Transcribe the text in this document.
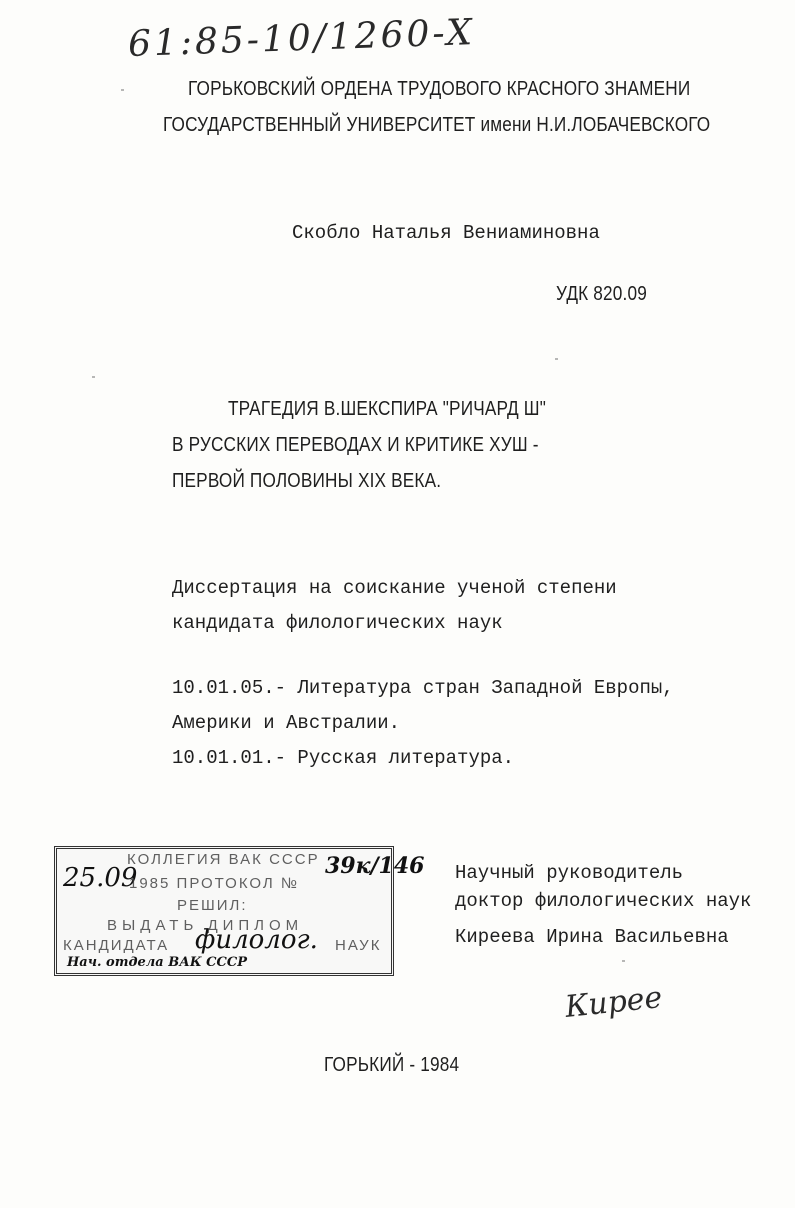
61:85-10/1260-X
ГОРЬКОВСКИЙ ОРДЕНА ТРУДОВОГО КРАСНОГО ЗНАМЕНИ
ГОСУДАРСТВЕННЫЙ УНИВЕРСИТЕТ имени Н.И.ЛОБАЧЕВСКОГО
Скобло Наталья Вениаминовна
УДК 820.09
ТРАГЕДИЯ В.ШЕКСПИРА "РИЧАРД Ш"
В РУССКИХ ПЕРЕВОДАХ И КРИТИКЕ ХУШ -
ПЕРВОЙ ПОЛОВИНЫ XIX ВЕКА.
Диссертация на соискание ученой степени
кандидата филологических наук
10.01.05.- Литература стран Западной Европы,
Америки и Австралии.
10.01.01.- Русская литература.
КОЛЛЕГИЯ ВАК СССР
25.09
1985 ПРОТОКОЛ №
39к/146
РЕШИЛ:
ВЫДАТЬ ДИПЛОМ
КАНДИДАТА филолог. НАУК
Нач. отдела ВАК СССР
Научный руководитель
доктор филологических наук
Киреева Ирина Васильевна
Кирее
ГОРЬКИЙ - 1984
